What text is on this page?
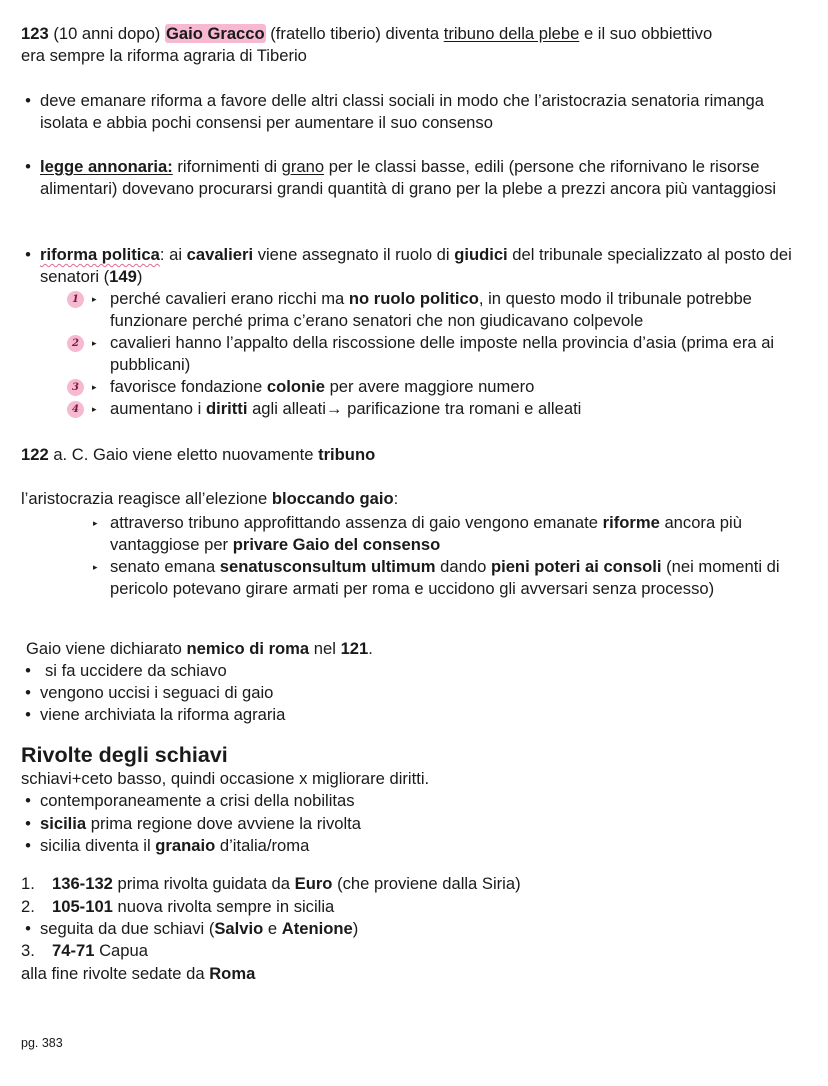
123 (10 anni dopo) Gaio Gracco (fratello tiberio) diventa tribuno della plebe e il suo obbiettivo
era sempre la riforma agraria di Tiberio
• deve emanare riforma a favore delle altri classi sociali in modo che l’aristocrazia senatoria rimanga isolata e abbia pochi consensi per aumentare il suo consenso
• legge annonaria: rifornimenti di grano per le classi basse, edili (persone che rifornivano le risorse alimentari) dovevano procurarsi grandi quantità di grano per la plebe a prezzi ancora più vantaggiosi
• riforma politica: ai cavalieri viene assegnato il ruolo di giudici del tribunale specializzato al posto dei senatori (149)
1	▸ perché cavalieri erano ricchi ma no ruolo politico, in questo modo il tribunale potrebbe funzionare perché prima c’erano senatori che non giudicavano colpevole
2	▸ cavalieri hanno l’appalto della riscossione delle imposte nella provincia d’asia (prima era ai pubblicani)
3	▸ favorisce fondazione colonie per avere maggiore numero
4	▸ aumentano i diritti agli alleati→ parificazione tra romani e alleati
122 a. C. Gaio viene eletto nuovamente tribuno
l’aristocrazia reagisce all’elezione bloccando gaio:
▸ attraverso tribuno approfittando assenza di gaio vengono emanate riforme ancora più vantaggiose per privare Gaio del consenso
▸ senato emana senatusconsultum ultimum dando pieni poteri ai consoli (nei momenti di pericolo potevano girare armati per roma e uccidono gli avversari senza processo)
Gaio viene dichiarato nemico di roma nel 121.
• si fa uccidere da schiavo
• vengono uccisi i seguaci di gaio
• viene archiviata la riforma agraria
Rivolte degli schiavi
schiavi+ceto basso, quindi occasione x migliorare diritti.
• contemporaneamente a crisi della nobilitas
• sicilia prima regione dove avviene la rivolta
• sicilia diventa il granaio d’italia/roma
1. 136-132 prima rivolta guidata da Euro (che proviene dalla Siria)
2. 105-101 nuova rivolta sempre in sicilia
• seguita da due schiavi (Salvio e Atenione)
3. 74-71 Capua
alla fine rivolte sedate da Roma
pg. 383
